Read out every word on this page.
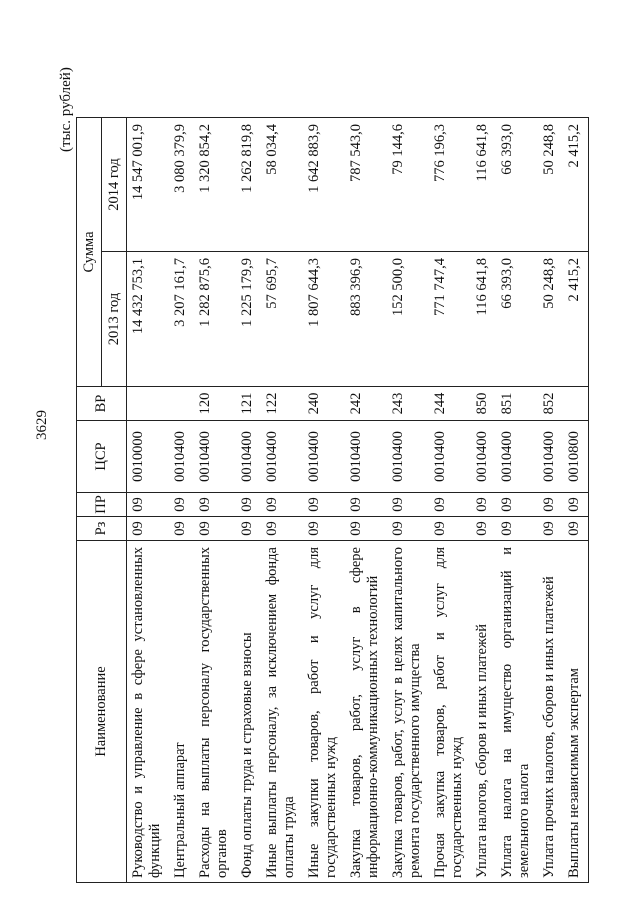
3629
(тыс. рублей)
Наименование	Рз	ПР	ЦСР	ВР	Сумма	
					2013 год	2014 год
Руководство и управление в сфере установленных функций	09	09	0010000		14 432 753,1	14 547 001,9
Центральный аппарат	09	09	0010400		3 207 161,7	3 080 379,9
Расходы на выплаты персоналу государственных органов	09	09	0010400	120	1 282 875,6	1 320 854,2
Фонд оплаты труда и страховые взносы	09	09	0010400	121	1 225 179,9	1 262 819,8
Иные выплаты персоналу, за исключением фонда оплаты труда	09	09	0010400	122	57 695,7	58 034,4
Иные закупки товаров, работ и услуг для государственных нужд	09	09	0010400	240	1 807 644,3	1 642 883,9
Закупка товаров, работ, услуг в сфере информационно-коммуникационных технологий	09	09	0010400	242	883 396,9	787 543,0
Закупка товаров, работ, услуг в целях капитального ремонта государственного имущества	09	09	0010400	243	152 500,0	79 144,6
Прочая закупка товаров, работ и услуг для государственных нужд	09	09	0010400	244	771 747,4	776 196,3
Уплата налогов, сборов и иных платежей	09	09	0010400	850	116 641,8	116 641,8
Уплата налога на имущество организаций и земельного налога	09	09	0010400	851	66 393,0	66 393,0
Уплата прочих налогов, сборов и иных платежей	09	09	0010400	852	50 248,8	50 248,8
Выплаты независимым экспертам	09	09	0010800		2 415,2	2 415,2
